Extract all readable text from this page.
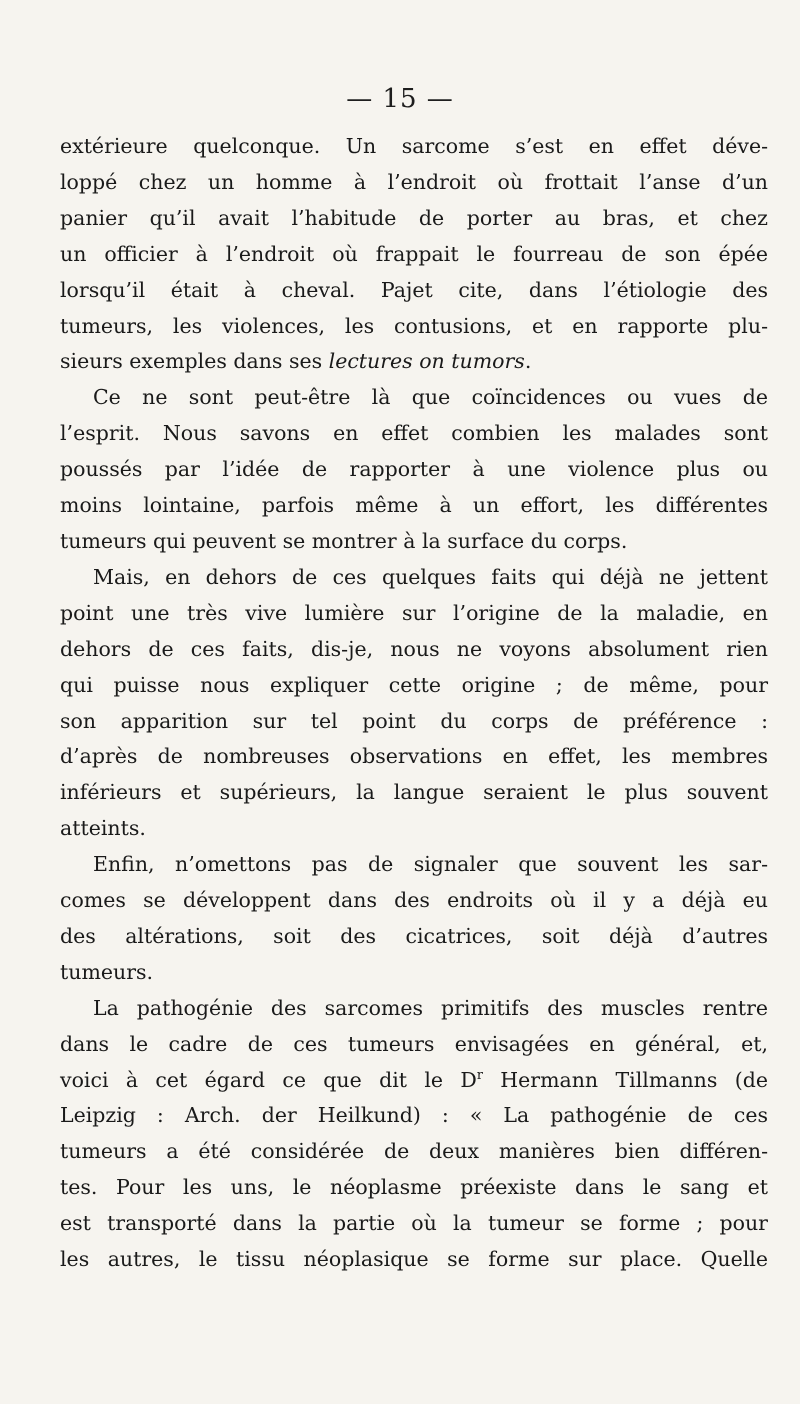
— 15 —
extérieure quelconque. Un sarcome s’est en effet déve-
loppé chez un homme à l’endroit où frottait l’anse d’un
panier qu’il avait l’habitude de porter au bras, et chez
un officier à l’endroit où frappait le fourreau de son épée
lorsqu’il était à cheval. Pajet cite, dans l’étiologie des
tumeurs, les violences, les contusions, et en rapporte plu-
sieurs exemples dans ses lectures on tumors.
Ce ne sont peut-être là que coïncidences ou vues de
l’esprit. Nous savons en effet combien les malades sont
poussés par l’idée de rapporter à une violence plus ou
moins lointaine, parfois même à un effort, les différentes
tumeurs qui peuvent se montrer à la surface du corps.
Mais, en dehors de ces quelques faits qui déjà ne jettent
point une très vive lumière sur l’origine de la maladie, en
dehors de ces faits, dis-je, nous ne voyons absolument rien
qui puisse nous expliquer cette origine ; de même, pour
son apparition sur tel point du corps de préférence :
d’après de nombreuses observations en effet, les membres
inférieurs et supérieurs, la langue seraient le plus souvent
atteints.
Enfin, n’omettons pas de signaler que souvent les sar-
comes se développent dans des endroits où il y a déjà eu
des altérations, soit des cicatrices, soit déjà d’autres
tumeurs.
La pathogénie des sarcomes primitifs des muscles rentre
dans le cadre de ces tumeurs envisagées en général, et,
voici à cet égard ce que dit le $D^r$ Hermann Tillmanns (de
Leipzig : Arch. der Heilkund) : « La pathogénie de ces
tumeurs a été considérée de deux manières bien différen-
tes. Pour les uns, le néoplasme préexiste dans le sang et
est transporté dans la partie où la tumeur se forme ; pour
les autres, le tissu néoplasique se forme sur place. Quelle
